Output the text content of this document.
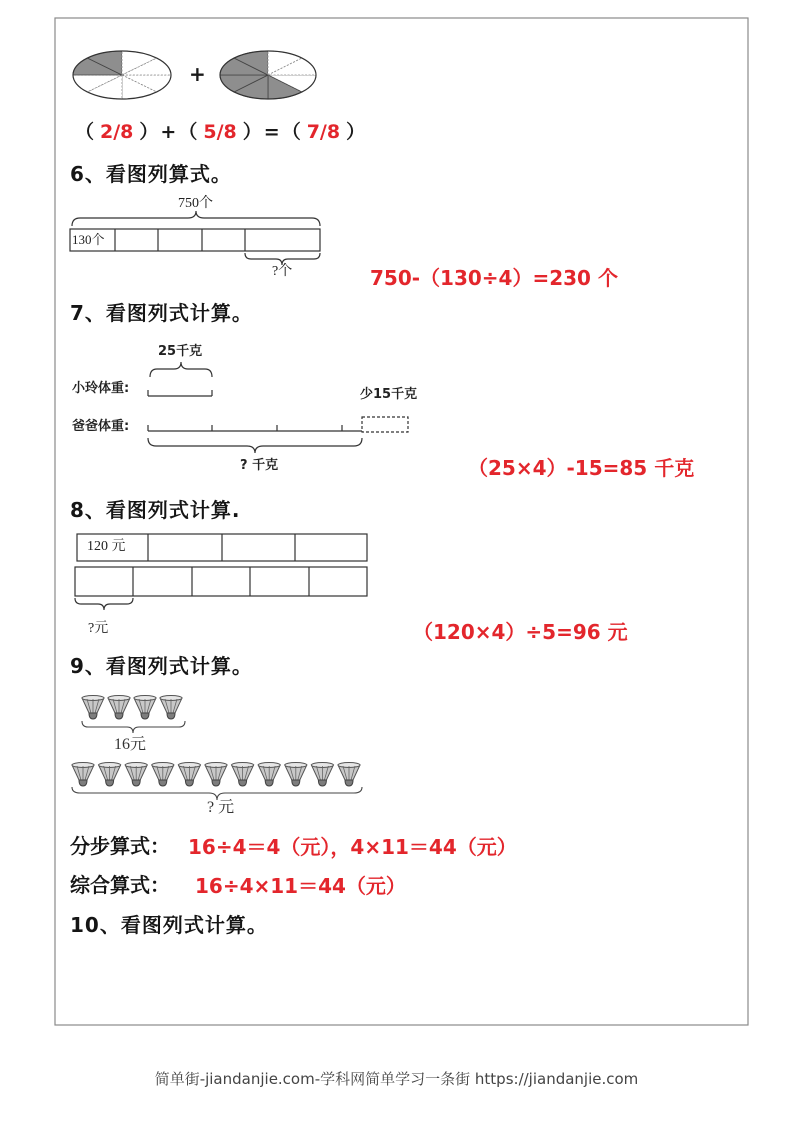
+
（ 2/8 ） + （ 5/8 ） = （ 7/8 ）
6、看图列算式。
750个
130个
?个	750-（130÷4）=230 个
7、看图列式计算。
25千克
小玲体重:	少15千克
爸爸体重:
? 千克	（25×4）-15=85 千克
8、看图列式计算.
120 元
?元	（120×4）÷5=96 元
9、看图列式计算。
16元
? 元
分步算式： 16÷4＝4（元），4×11＝44（元）
综合算式： 16÷4×11＝44（元）
10、看图列式计算。
简单街-jiandanjie.com-学科网简单学习一条街 https://jiandanjie.com
